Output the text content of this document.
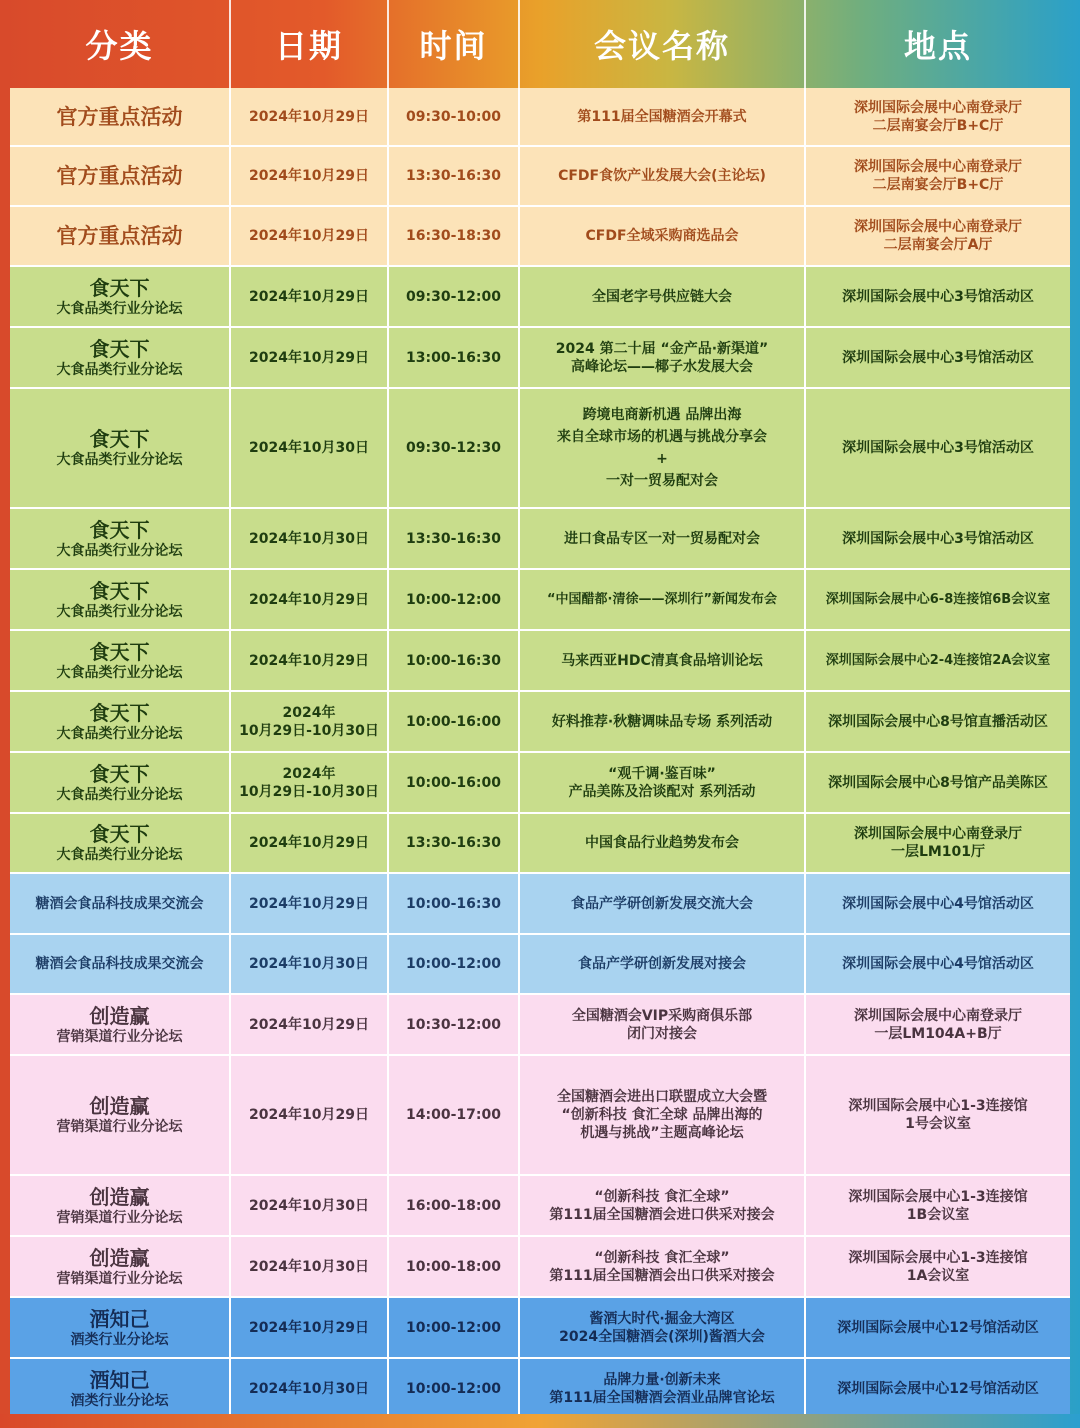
分类	日期	时间	会议名称	地点

官方重点活动	2024年10月29日	09:30-10:00	第111届全国糖酒会开幕式	深圳国际会展中心南登录厅
二层南宴会厅B+C厅

官方重点活动	2024年10月29日	13:30-16:30	CFDF食饮产业发展大会(主论坛)	深圳国际会展中心南登录厅
二层南宴会厅B+C厅

官方重点活动	2024年10月29日	16:30-18:30	CFDF全域采购商选品会	深圳国际会展中心南登录厅
二层南宴会厅A厅

食天下
大食品类行业分论坛	2024年10月29日	09:30-12:00	全国老字号供应链大会	深圳国际会展中心3号馆活动区

食天下
大食品类行业分论坛	2024年10月29日	13:00-16:30	2024 第二十届 “金产品·新渠道”
高峰论坛——椰子水发展大会	深圳国际会展中心3号馆活动区

食天下
大食品类行业分论坛	2024年10月30日	09:30-12:30	跨境电商新机遇 品牌出海
来自全球市场的机遇与挑战分享会
+
一对一贸易配对会	深圳国际会展中心3号馆活动区

食天下
大食品类行业分论坛	2024年10月30日	13:30-16:30	进口食品专区一对一贸易配对会	深圳国际会展中心3号馆活动区

食天下
大食品类行业分论坛	2024年10月29日	10:00-12:00	“中国醋都·清徐——深圳行”新闻发布会	深圳国际会展中心6-8连接馆6B会议室

食天下
大食品类行业分论坛	2024年10月29日	10:00-16:30	马来西亚HDC清真食品培训论坛	深圳国际会展中心2-4连接馆2A会议室

食天下
大食品类行业分论坛	2024年
10月29日-10月30日	10:00-16:00	好料推荐·秋糖调味品专场 系列活动	深圳国际会展中心8号馆直播活动区

食天下
大食品类行业分论坛	2024年
10月29日-10月30日	10:00-16:00	“观千调·鉴百味”
产品美陈及洽谈配对 系列活动	深圳国际会展中心8号馆产品美陈区

食天下
大食品类行业分论坛	2024年10月29日	13:30-16:30	中国食品行业趋势发布会	深圳国际会展中心南登录厅
一层LM101厅

糖酒会食品科技成果交流会	2024年10月29日	10:00-16:30	食品产学研创新发展交流大会	深圳国际会展中心4号馆活动区

糖酒会食品科技成果交流会	2024年10月30日	10:00-12:00	食品产学研创新发展对接会	深圳国际会展中心4号馆活动区

创造赢
营销渠道行业分论坛	2024年10月29日	10:30-12:00	全国糖酒会VIP采购商俱乐部
闭门对接会	深圳国际会展中心南登录厅
一层LM104A+B厅

创造赢
营销渠道行业分论坛	2024年10月29日	14:00-17:00	全国糖酒会进出口联盟成立大会暨
“创新科技 食汇全球 品牌出海的
机遇与挑战”主题高峰论坛	深圳国际会展中心1-3连接馆
1号会议室

创造赢
营销渠道行业分论坛	2024年10月30日	16:00-18:00	“创新科技 食汇全球”
第111届全国糖酒会进口供采对接会	深圳国际会展中心1-3连接馆
1B会议室

创造赢
营销渠道行业分论坛	2024年10月30日	10:00-18:00	“创新科技 食汇全球”
第111届全国糖酒会出口供采对接会	深圳国际会展中心1-3连接馆
1A会议室

酒知己
酒类行业分论坛	2024年10月29日	10:00-12:00	酱酒大时代·掘金大湾区
2024全国糖酒会(深圳)酱酒大会	深圳国际会展中心12号馆活动区

酒知己
酒类行业分论坛	2024年10月30日	10:00-12:00	品牌力量·创新未来
第111届全国糖酒会酒业品牌官论坛	深圳国际会展中心12号馆活动区
